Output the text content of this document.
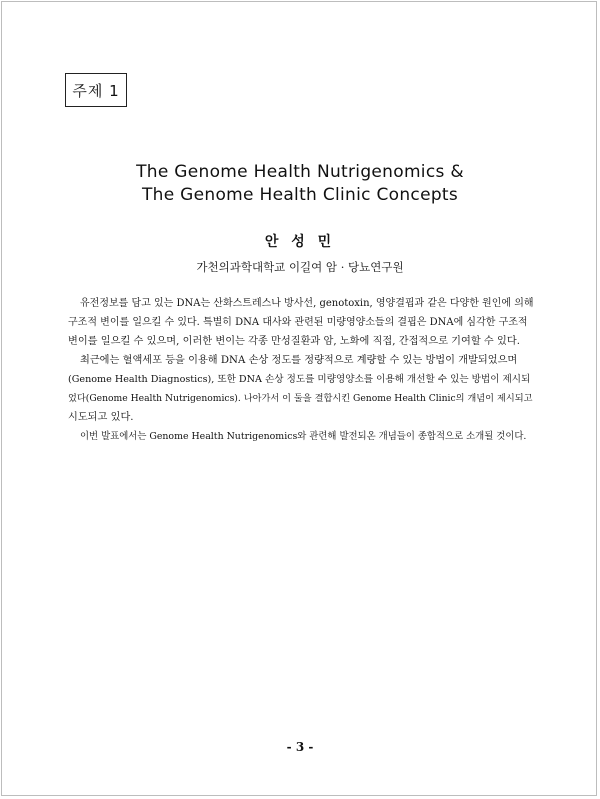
주제 1
The Genome Health Nutrigenomics &
The Genome Health Clinic Concepts
안 성 민
가천의과학대학교 이길여 암 · 당뇨연구원
유전정보를 담고 있는 DNA는 산화스트레스나 방사선, genotoxin, 영양결핍과 같은 다양한 원인에 의해
구조적 변이를 일으킬 수 있다. 특별히 DNA 대사와 관련된 미량영양소들의 결핍은 DNA에 심각한 구조적
변이를 일으킬 수 있으며, 이러한 변이는 각종 만성질환과 암, 노화에 직접, 간접적으로 기여할 수 있다.
최근에는 혈액세포 등을 이용해 DNA 손상 정도를 정량적으로 계량할 수 있는 방법이 개발되었으며
(Genome Health Diagnostics), 또한 DNA 손상 정도를 미량영양소를 이용해 개선할 수 있는 방법이 제시되
었다(Genome Health Nutrigenomics). 나아가서 이 둘을 결합시킨 Genome Health Clinic의 개념이 제시되고
시도되고 있다.
이번 발표에서는 Genome Health Nutrigenomics와 관련해 발전되온 개념들이 종합적으로 소개될 것이다.
- 3 -
